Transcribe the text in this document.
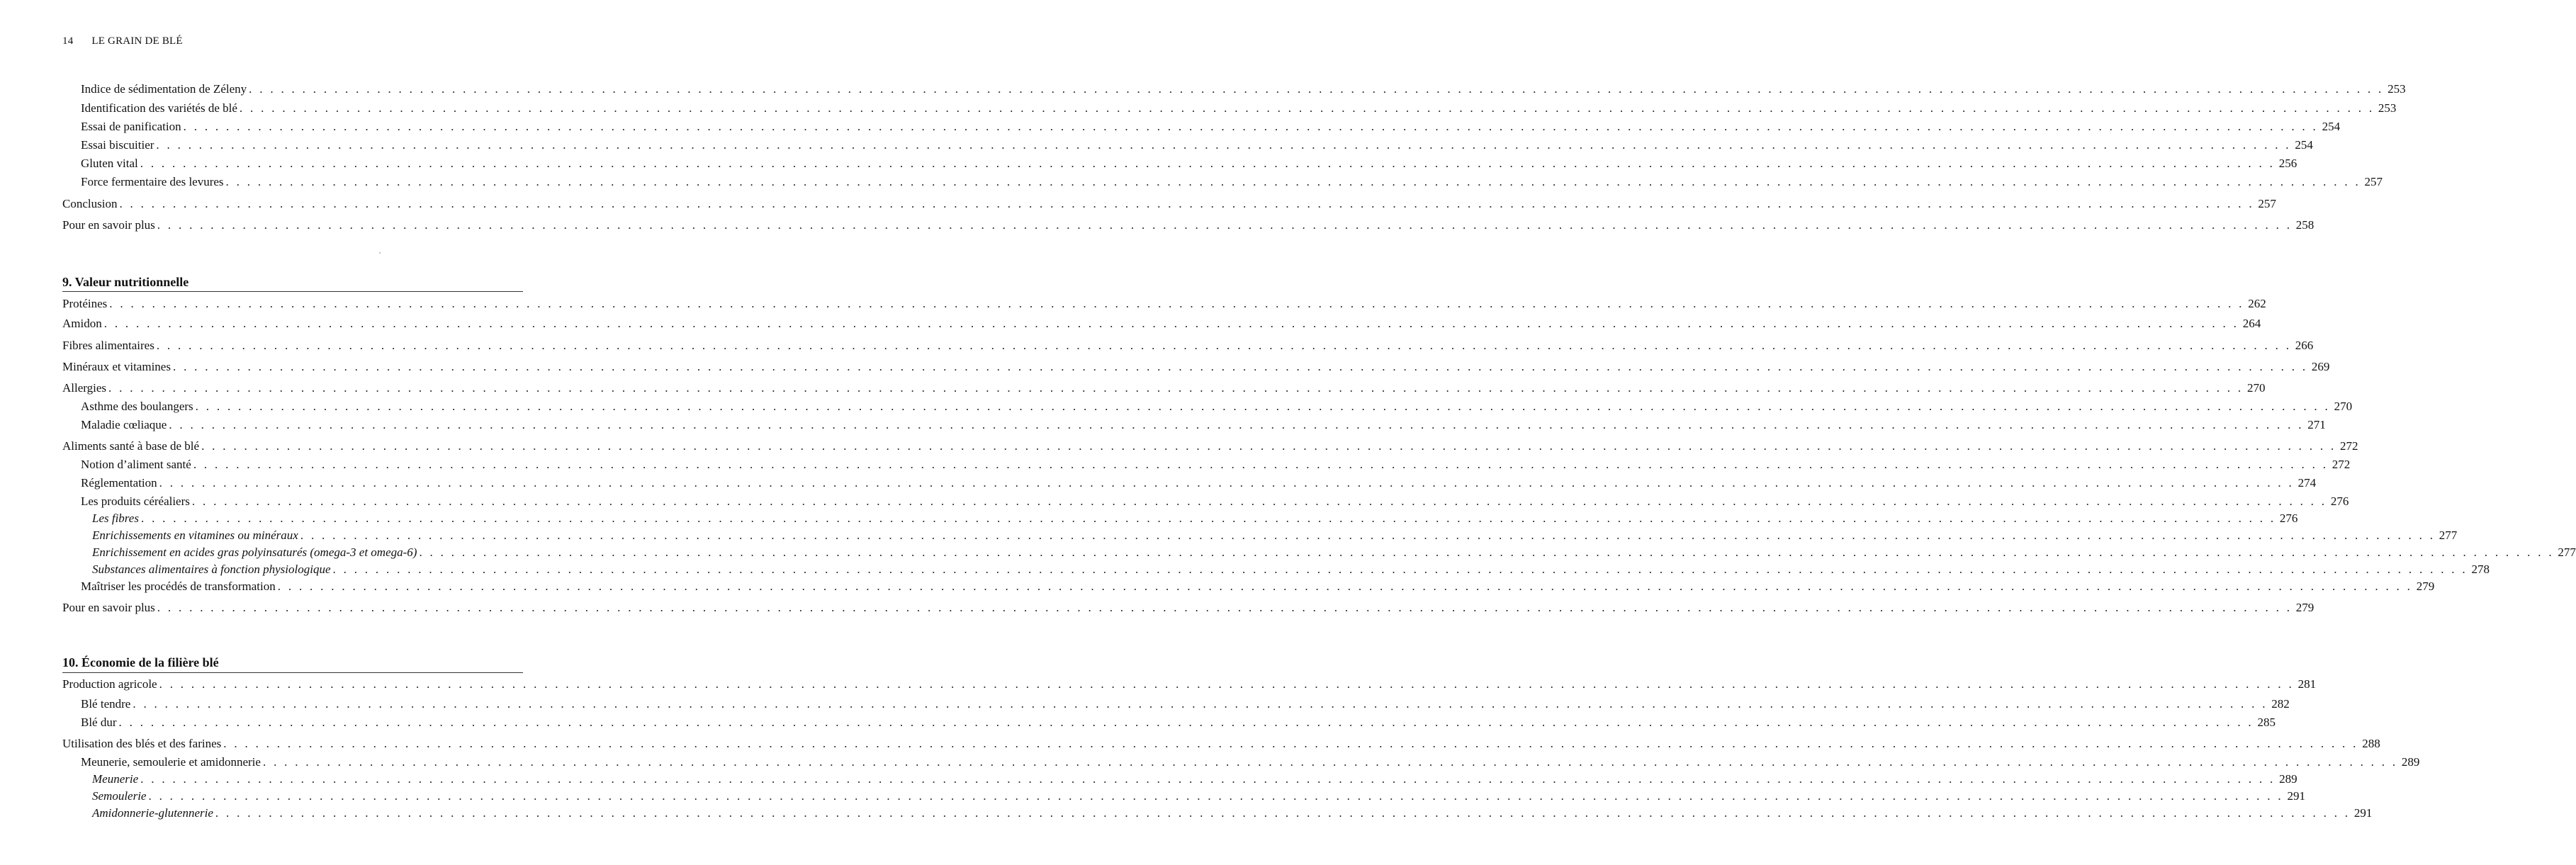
14 LE GRAIN DE BLÉ
Indice de sédimentation de Zéleny . . . . . . . . . . . . . . . . . . . . . . . . . . . . . . . . . . . . . . . . . . . . . . . . . . . . . . . . . . . . . . . . . . . . . . . . . . . . . . . . . . . . . . . . . . . . . . . . . . . . . . . . . . . . . . . . . . . . . . . . . . . . . . . . . . . . . . . . . . . . . . . . . . . . . . . . . . . . . . . . . . . . . . . . . . . . . . . . . . . . . . . . . . . . . . . . . . . . . . . . 253
Identification des variétés de blé . . . . . . . . . . . . . . . . . . . . . . . . . . . . . . . . . . . . . . . . . . . . . . . . . . . . . . . . . . . . . . . . . . . . . . . . . . . . . . . . . . . . . . . . . . . . . . . . . . . . . . . . . . . . . . . . . . . . . . . . . . . . . . . . . . . . . . . . . . . . . . . . . . . . . . . . . . . . . . . . . . . . . . . . . . . . . . . . . . . . . . . . . . . . . . . . . . . . . . . . 253
Essai de panification . . . . . . . . . . . . . . . . . . . . . . . . . . . . . . . . . . . . . . . . . . . . . . . . . . . . . . . . . . . . . . . . . . . . . . . . . . . . . . . . . . . . . . . . . . . . . . . . . . . . . . . . . . . . . . . . . . . . . . . . . . . . . . . . . . . . . . . . . . . . . . . . . . . . . . . . . . . . . . . . . . . . . . . . . . . . . . . . . . . . . . . . . . . . . . . . . . . . . . . . 254
Essai biscuitier . . . . . . . . . . . . . . . . . . . . . . . . . . . . . . . . . . . . . . . . . . . . . . . . . . . . . . . . . . . . . . . . . . . . . . . . . . . . . . . . . . . . . . . . . . . . . . . . . . . . . . . . . . . . . . . . . . . . . . . . . . . . . . . . . . . . . . . . . . . . . . . . . . . . . . . . . . . . . . . . . . . . . . . . . . . . . . . . . . . . . . . . . . . . . . . . . . . . . . . . 254
Gluten vital . . . . . . . . . . . . . . . . . . . . . . . . . . . . . . . . . . . . . . . . . . . . . . . . . . . . . . . . . . . . . . . . . . . . . . . . . . . . . . . . . . . . . . . . . . . . . . . . . . . . . . . . . . . . . . . . . . . . . . . . . . . . . . . . . . . . . . . . . . . . . . . . . . . . . . . . . . . . . . . . . . . . . . . . . . . . . . . . . . . . . . . . . . . . . . . . . . . . . . . . 256
Force fermentaire des levures . . . . . . . . . . . . . . . . . . . . . . . . . . . . . . . . . . . . . . . . . . . . . . . . . . . . . . . . . . . . . . . . . . . . . . . . . . . . . . . . . . . . . . . . . . . . . . . . . . . . . . . . . . . . . . . . . . . . . . . . . . . . . . . . . . . . . . . . . . . . . . . . . . . . . . . . . . . . . . . . . . . . . . . . . . . . . . . . . . . . . . . . . . . . . . . . . . . . . . . . 257
Conclusion . . . . . . . . . . . . . . . . . . . . . . . . . . . . . . . . . . . . . . . . . . . . . . . . . . . . . . . . . . . . . . . . . . . . . . . . . . . . . . . . . . . . . . . . . . . . . . . . . . . . . . . . . . . . . . . . . . . . . . . . . . . . . . . . . . . . . . . . . . . . . . . . . . . . . . . . . . . . . . . . . . . . . . . . . . . . . . . . . . . . . . . . . . . . . . . . . . . . . . . . 257
Pour en savoir plus . . . . . . . . . . . . . . . . . . . . . . . . . . . . . . . . . . . . . . . . . . . . . . . . . . . . . . . . . . . . . . . . . . . . . . . . . . . . . . . . . . . . . . . . . . . . . . . . . . . . . . . . . . . . . . . . . . . . . . . . . . . . . . . . . . . . . . . . . . . . . . . . . . . . . . . . . . . . . . . . . . . . . . . . . . . . . . . . . . . . . . . . . . . . . . . . . . . . . . . . 258
9. Valeur nutritionnelle
Protéines . . . . . . . . . . . . . . . . . . . . . . . . . . . . . . . . . . . . . . . . . . . . . . . . . . . . . . . . . . . . . . . . . . . . . . . . . . . . . . . . . . . . . . . . . . . . . . . . . . . . . . . . . . . . . . . . . . . . . . . . . . . . . . . . . . . . . . . . . . . . . . . . . . . . . . . . . . . . . . . . . . . . . . . . . . . . . . . . . . . . . . . . . . . . . . . . . . . . . . . . 262
Amidon . . . . . . . . . . . . . . . . . . . . . . . . . . . . . . . . . . . . . . . . . . . . . . . . . . . . . . . . . . . . . . . . . . . . . . . . . . . . . . . . . . . . . . . . . . . . . . . . . . . . . . . . . . . . . . . . . . . . . . . . . . . . . . . . . . . . . . . . . . . . . . . . . . . . . . . . . . . . . . . . . . . . . . . . . . . . . . . . . . . . . . . . . . . . . . . . . . . . . . . . 264
Fibres alimentaires . . . . . . . . . . . . . . . . . . . . . . . . . . . . . . . . . . . . . . . . . . . . . . . . . . . . . . . . . . . . . . . . . . . . . . . . . . . . . . . . . . . . . . . . . . . . . . . . . . . . . . . . . . . . . . . . . . . . . . . . . . . . . . . . . . . . . . . . . . . . . . . . . . . . . . . . . . . . . . . . . . . . . . . . . . . . . . . . . . . . . . . . . . . . . . . . . . . . . . . . 266
Minéraux et vitamines . . . . . . . . . . . . . . . . . . . . . . . . . . . . . . . . . . . . . . . . . . . . . . . . . . . . . . . . . . . . . . . . . . . . . . . . . . . . . . . . . . . . . . . . . . . . . . . . . . . . . . . . . . . . . . . . . . . . . . . . . . . . . . . . . . . . . . . . . . . . . . . . . . . . . . . . . . . . . . . . . . . . . . . . . . . . . . . . . . . . . . . . . . . . . . . . . . . . . . . . 269
Allergies . . . . . . . . . . . . . . . . . . . . . . . . . . . . . . . . . . . . . . . . . . . . . . . . . . . . . . . . . . . . . . . . . . . . . . . . . . . . . . . . . . . . . . . . . . . . . . . . . . . . . . . . . . . . . . . . . . . . . . . . . . . . . . . . . . . . . . . . . . . . . . . . . . . . . . . . . . . . . . . . . . . . . . . . . . . . . . . . . . . . . . . . . . . . . . . . . . . . . . . . 270
Asthme des boulangers . . . . . . . . . . . . . . . . . . . . . . . . . . . . . . . . . . . . . . . . . . . . . . . . . . . . . . . . . . . . . . . . . . . . . . . . . . . . . . . . . . . . . . . . . . . . . . . . . . . . . . . . . . . . . . . . . . . . . . . . . . . . . . . . . . . . . . . . . . . . . . . . . . . . . . . . . . . . . . . . . . . . . . . . . . . . . . . . . . . . . . . . . . . . . . . . . . . . . . . . 270
Maladie cœliaque . . . . . . . . . . . . . . . . . . . . . . . . . . . . . . . . . . . . . . . . . . . . . . . . . . . . . . . . . . . . . . . . . . . . . . . . . . . . . . . . . . . . . . . . . . . . . . . . . . . . . . . . . . . . . . . . . . . . . . . . . . . . . . . . . . . . . . . . . . . . . . . . . . . . . . . . . . . . . . . . . . . . . . . . . . . . . . . . . . . . . . . . . . . . . . . . . . . . . . . . 271
Aliments santé à base de blé . . . . . . . . . . . . . . . . . . . . . . . . . . . . . . . . . . . . . . . . . . . . . . . . . . . . . . . . . . . . . . . . . . . . . . . . . . . . . . . . . . . . . . . . . . . . . . . . . . . . . . . . . . . . . . . . . . . . . . . . . . . . . . . . . . . . . . . . . . . . . . . . . . . . . . . . . . . . . . . . . . . . . . . . . . . . . . . . . . . . . . . . . . . . . . . . . . . . . . . . 272
Notion d’aliment santé . . . . . . . . . . . . . . . . . . . . . . . . . . . . . . . . . . . . . . . . . . . . . . . . . . . . . . . . . . . . . . . . . . . . . . . . . . . . . . . . . . . . . . . . . . . . . . . . . . . . . . . . . . . . . . . . . . . . . . . . . . . . . . . . . . . . . . . . . . . . . . . . . . . . . . . . . . . . . . . . . . . . . . . . . . . . . . . . . . . . . . . . . . . . . . . . . . . . . . . . 272
Réglementation . . . . . . . . . . . . . . . . . . . . . . . . . . . . . . . . . . . . . . . . . . . . . . . . . . . . . . . . . . . . . . . . . . . . . . . . . . . . . . . . . . . . . . . . . . . . . . . . . . . . . . . . . . . . . . . . . . . . . . . . . . . . . . . . . . . . . . . . . . . . . . . . . . . . . . . . . . . . . . . . . . . . . . . . . . . . . . . . . . . . . . . . . . . . . . . . . . . . . . . . 274
Les produits céréaliers . . . . . . . . . . . . . . . . . . . . . . . . . . . . . . . . . . . . . . . . . . . . . . . . . . . . . . . . . . . . . . . . . . . . . . . . . . . . . . . . . . . . . . . . . . . . . . . . . . . . . . . . . . . . . . . . . . . . . . . . . . . . . . . . . . . . . . . . . . . . . . . . . . . . . . . . . . . . . . . . . . . . . . . . . . . . . . . . . . . . . . . . . . . . . . . . . . . . . . . . 276
Les fibres . . . . . . . . . . . . . . . . . . . . . . . . . . . . . . . . . . . . . . . . . . . . . . . . . . . . . . . . . . . . . . . . . . . . . . . . . . . . . . . . . . . . . . . . . . . . . . . . . . . . . . . . . . . . . . . . . . . . . . . . . . . . . . . . . . . . . . . . . . . . . . . . . . . . . . . . . . . . . . . . . . . . . . . . . . . . . . . . . . . . . . . . . . . . . . . . . . . . . . . . 276
Enrichissements en vitamines ou minéraux . . . . . . . . . . . . . . . . . . . . . . . . . . . . . . . . . . . . . . . . . . . . . . . . . . . . . . . . . . . . . . . . . . . . . . . . . . . . . . . . . . . . . . . . . . . . . . . . . . . . . . . . . . . . . . . . . . . . . . . . . . . . . . . . . . . . . . . . . . . . . . . . . . . . . . . . . . . . . . . . . . . . . . . . . . . . . . . . . . . . . . . . . . . . . . . . . . . . . . . . 277
Enrichissement en acides gras polyinsaturés (omega-3 et omega-6) . . . . . . . . . . . . . . . . . . . . . . . . . . . . . . . . . . . . . . . . . . . . . . . . . . . . . . . . . . . . . . . . . . . . . . . . . . . . . . . . . . . . . . . . . . . . . . . . . . . . . . . . . . . . . . . . . . . . . . . . . . . . . . . . . . . . . . . . . . . . . . . . . . . . . . . . . . . . . . . . . . . . . . . . . . . . . . . . . . . . . . . . . . . . . . . . . . . . . . . . 277
Substances alimentaires à fonction physiologique . . . . . . . . . . . . . . . . . . . . . . . . . . . . . . . . . . . . . . . . . . . . . . . . . . . . . . . . . . . . . . . . . . . . . . . . . . . . . . . . . . . . . . . . . . . . . . . . . . . . . . . . . . . . . . . . . . . . . . . . . . . . . . . . . . . . . . . . . . . . . . . . . . . . . . . . . . . . . . . . . . . . . . . . . . . . . . . . . . . . . . . . . . . . . . . . . . . . . . . . 278
Maîtriser les procédés de transformation . . . . . . . . . . . . . . . . . . . . . . . . . . . . . . . . . . . . . . . . . . . . . . . . . . . . . . . . . . . . . . . . . . . . . . . . . . . . . . . . . . . . . . . . . . . . . . . . . . . . . . . . . . . . . . . . . . . . . . . . . . . . . . . . . . . . . . . . . . . . . . . . . . . . . . . . . . . . . . . . . . . . . . . . . . . . . . . . . . . . . . . . . . . . . . . . . . . . . . . . 279
Pour en savoir plus . . . . . . . . . . . . . . . . . . . . . . . . . . . . . . . . . . . . . . . . . . . . . . . . . . . . . . . . . . . . . . . . . . . . . . . . . . . . . . . . . . . . . . . . . . . . . . . . . . . . . . . . . . . . . . . . . . . . . . . . . . . . . . . . . . . . . . . . . . . . . . . . . . . . . . . . . . . . . . . . . . . . . . . . . . . . . . . . . . . . . . . . . . . . . . . . . . . . . . . . 279
10. Économie de la filière blé
Production agricole . . . . . . . . . . . . . . . . . . . . . . . . . . . . . . . . . . . . . . . . . . . . . . . . . . . . . . . . . . . . . . . . . . . . . . . . . . . . . . . . . . . . . . . . . . . . . . . . . . . . . . . . . . . . . . . . . . . . . . . . . . . . . . . . . . . . . . . . . . . . . . . . . . . . . . . . . . . . . . . . . . . . . . . . . . . . . . . . . . . . . . . . . . . . . . . . . . . . . . . . 281
Blé tendre . . . . . . . . . . . . . . . . . . . . . . . . . . . . . . . . . . . . . . . . . . . . . . . . . . . . . . . . . . . . . . . . . . . . . . . . . . . . . . . . . . . . . . . . . . . . . . . . . . . . . . . . . . . . . . . . . . . . . . . . . . . . . . . . . . . . . . . . . . . . . . . . . . . . . . . . . . . . . . . . . . . . . . . . . . . . . . . . . . . . . . . . . . . . . . . . . . . . . . . . 282
Blé dur . . . . . . . . . . . . . . . . . . . . . . . . . . . . . . . . . . . . . . . . . . . . . . . . . . . . . . . . . . . . . . . . . . . . . . . . . . . . . . . . . . . . . . . . . . . . . . . . . . . . . . . . . . . . . . . . . . . . . . . . . . . . . . . . . . . . . . . . . . . . . . . . . . . . . . . . . . . . . . . . . . . . . . . . . . . . . . . . . . . . . . . . . . . . . . . . . . . . . . . . 285
Utilisation des blés et des farines . . . . . . . . . . . . . . . . . . . . . . . . . . . . . . . . . . . . . . . . . . . . . . . . . . . . . . . . . . . . . . . . . . . . . . . . . . . . . . . . . . . . . . . . . . . . . . . . . . . . . . . . . . . . . . . . . . . . . . . . . . . . . . . . . . . . . . . . . . . . . . . . . . . . . . . . . . . . . . . . . . . . . . . . . . . . . . . . . . . . . . . . . . . . . . . . . . . . . . . . 288
Meunerie, semoulerie et amidonnerie . . . . . . . . . . . . . . . . . . . . . . . . . . . . . . . . . . . . . . . . . . . . . . . . . . . . . . . . . . . . . . . . . . . . . . . . . . . . . . . . . . . . . . . . . . . . . . . . . . . . . . . . . . . . . . . . . . . . . . . . . . . . . . . . . . . . . . . . . . . . . . . . . . . . . . . . . . . . . . . . . . . . . . . . . . . . . . . . . . . . . . . . . . . . . . . . . . . . . . . . 289
Meunerie . . . . . . . . . . . . . . . . . . . . . . . . . . . . . . . . . . . . . . . . . . . . . . . . . . . . . . . . . . . . . . . . . . . . . . . . . . . . . . . . . . . . . . . . . . . . . . . . . . . . . . . . . . . . . . . . . . . . . . . . . . . . . . . . . . . . . . . . . . . . . . . . . . . . . . . . . . . . . . . . . . . . . . . . . . . . . . . . . . . . . . . . . . . . . . . . . . . . . . . . 289
Semoulerie . . . . . . . . . . . . . . . . . . . . . . . . . . . . . . . . . . . . . . . . . . . . . . . . . . . . . . . . . . . . . . . . . . . . . . . . . . . . . . . . . . . . . . . . . . . . . . . . . . . . . . . . . . . . . . . . . . . . . . . . . . . . . . . . . . . . . . . . . . . . . . . . . . . . . . . . . . . . . . . . . . . . . . . . . . . . . . . . . . . . . . . . . . . . . . . . . . . . . . . . 291
Amidonnerie-glutennerie . . . . . . . . . . . . . . . . . . . . . . . . . . . . . . . . . . . . . . . . . . . . . . . . . . . . . . . . . . . . . . . . . . . . . . . . . . . . . . . . . . . . . . . . . . . . . . . . . . . . . . . . . . . . . . . . . . . . . . . . . . . . . . . . . . . . . . . . . . . . . . . . . . . . . . . . . . . . . . . . . . . . . . . . . . . . . . . . . . . . . . . . . . . . . . . . . . . . . . . . 291
